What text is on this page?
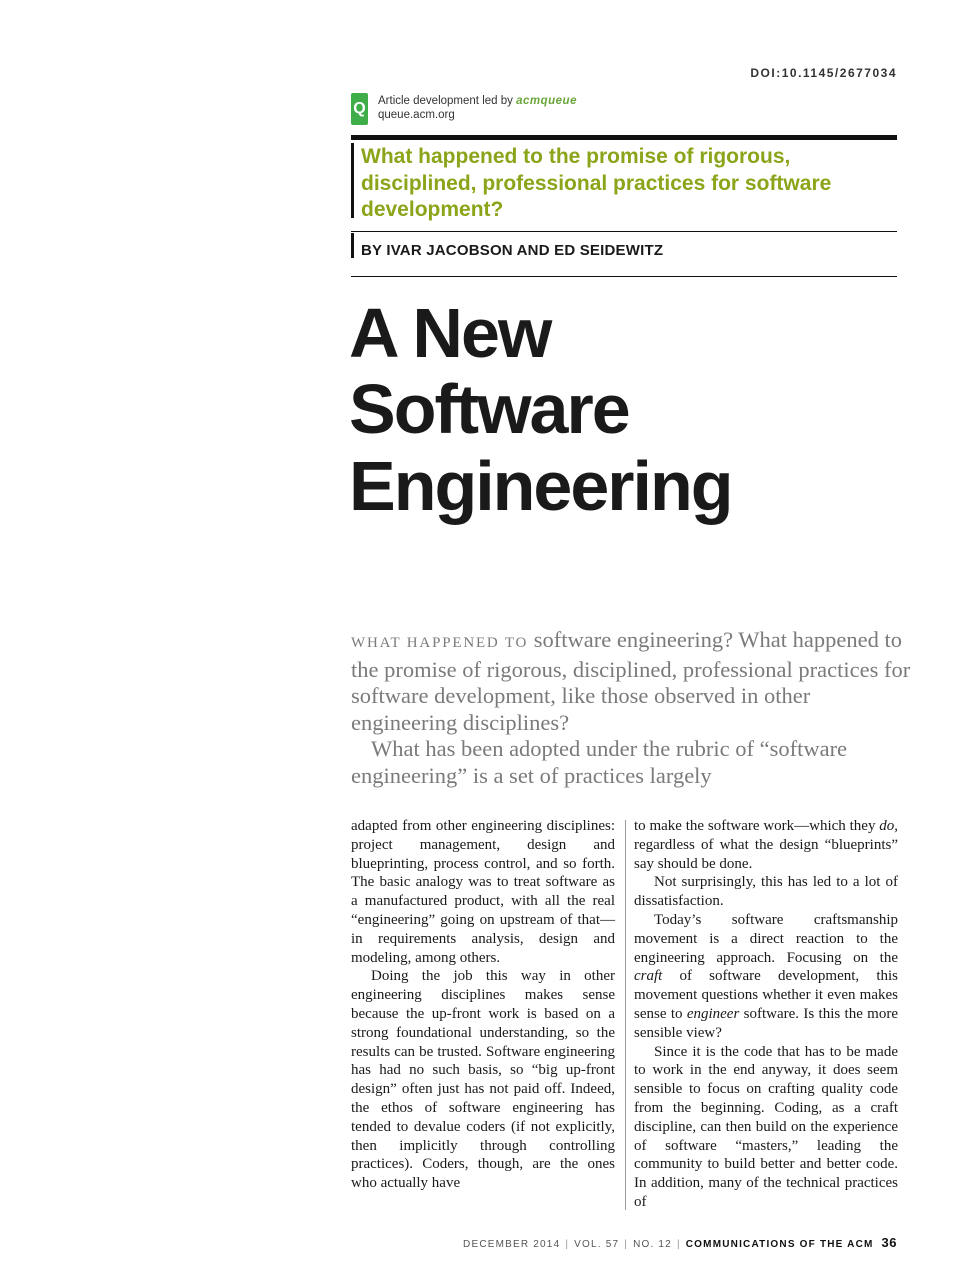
DOI:10.1145/2677034
Q Article development led by acmqueue
queue.acm.org
What happened to the promise of rigorous, disciplined, professional practices for software development?
BY IVAR JACOBSON AND ED SEIDEWITZ
A New
Software
Engineering

WHAT HAPPENED TO software engineering? What happened to the promise of rigorous, disciplined, professional practices for software development, like those observed in other engineering disciplines?

What has been adopted under the rubric of “software engineering” is a set of practices largely

adapted from other engineering disciplines: project management, design and blueprinting, process control, and so forth. The basic analogy was to treat software as a manufactured product, with all the real “engineering” going on upstream of that—in requirements analysis, design and modeling, among others.

Doing the job this way in other engineering disciplines makes sense because the up-front work is based on a strong foundational understanding, so the results can be trusted. Software engineering has had no such basis, so “big up-front design” often just has not paid off. Indeed, the ethos of software engineering has tended to devalue coders (if not explicitly, then implicitly through controlling practices). Coders, though, are the ones who actually have

to make the software work—which they do, regardless of what the design “blueprints” say should be done.

Not surprisingly, this has led to a lot of dissatisfaction.

Today’s software craftsmanship movement is a direct reaction to the engineering approach. Focusing on the craft of software development, this movement questions whether it even makes sense to engineer software. Is this the more sensible view?

Since it is the code that has to be made to work in the end anyway, it does seem sensible to focus on crafting quality code from the beginning. Coding, as a craft discipline, can then build on the experience of software “masters,” leading the community to build better and better code. In addition, many of the technical practices of

DECEMBER 2014 | VOL. 57 | NO. 12 | COMMUNICATIONS OF THE ACM 36
